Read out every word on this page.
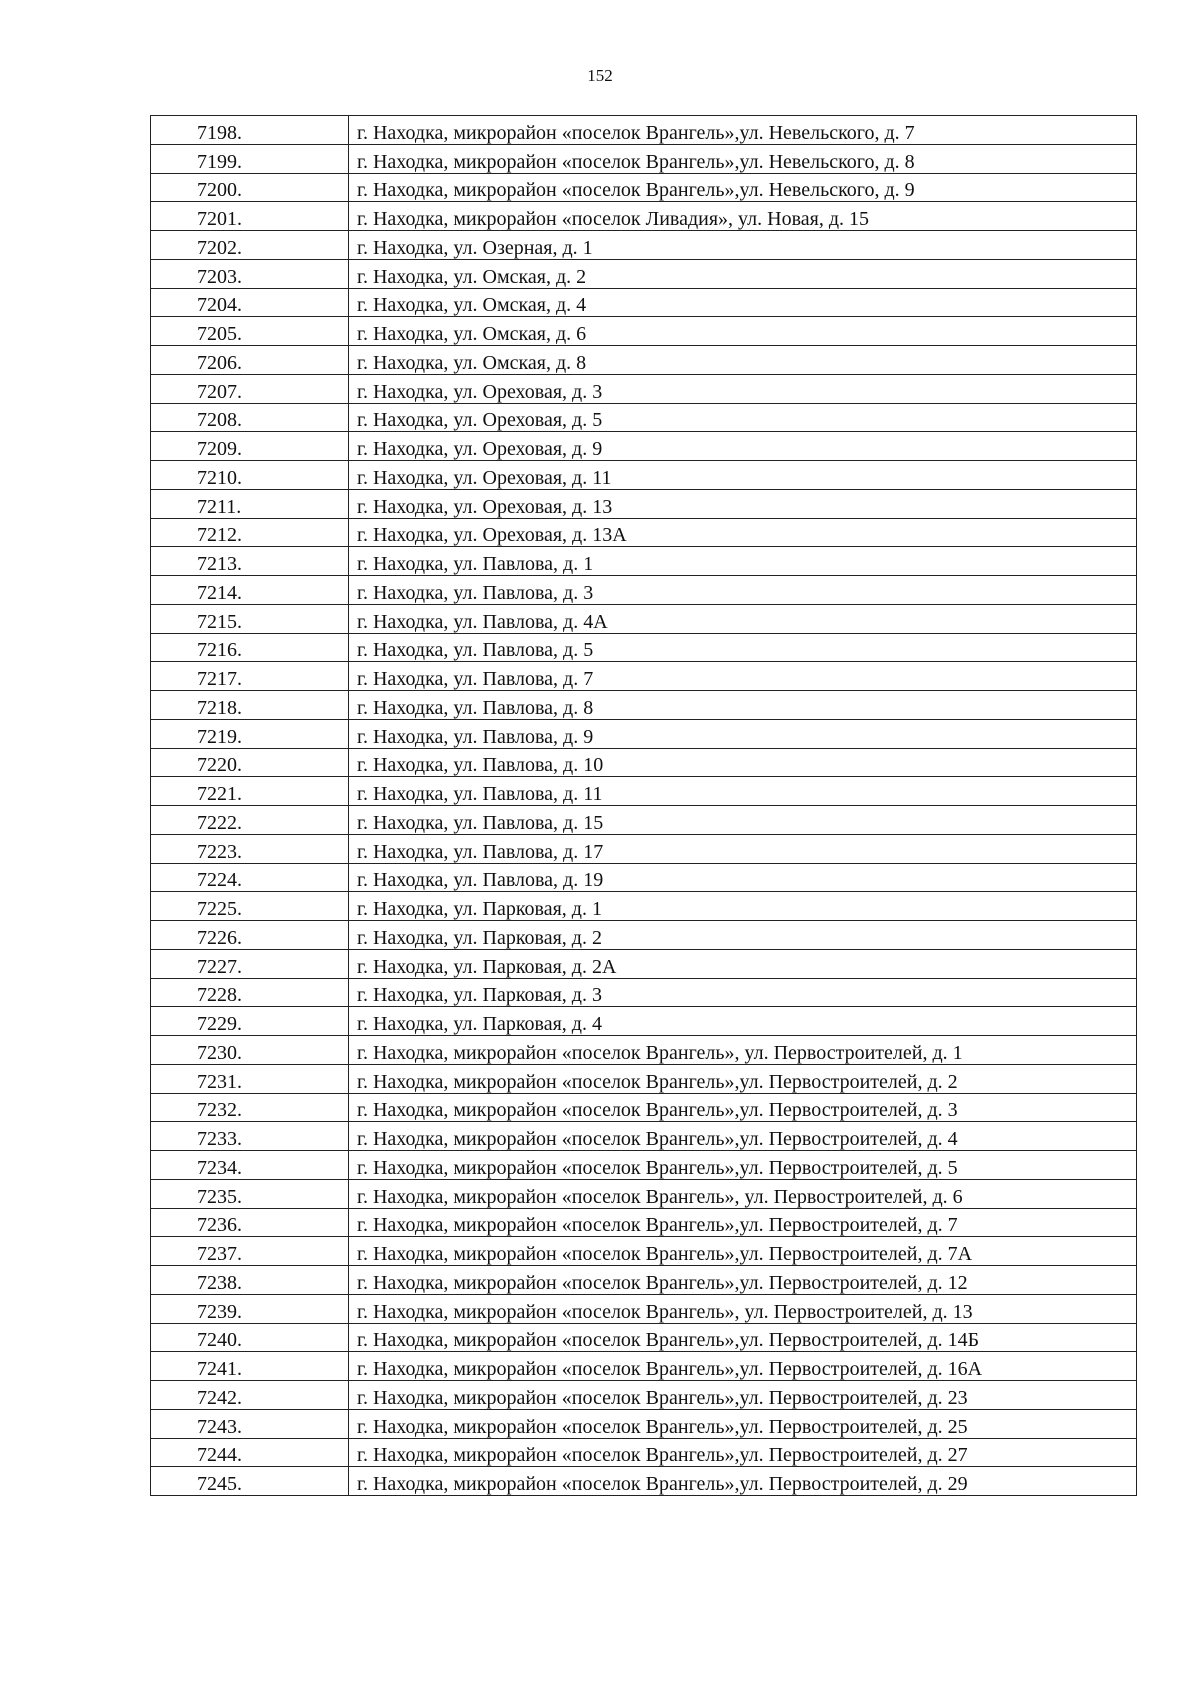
152
7198.	г. Находка, микрорайон «поселок Врангель»,ул. Невельского, д. 7
7199.	г. Находка, микрорайон «поселок Врангель»,ул. Невельского, д. 8
7200.	г. Находка, микрорайон «поселок Врангель»,ул. Невельского, д. 9
7201.	г. Находка, микрорайон «поселок Ливадия», ул. Новая, д. 15
7202.	г. Находка, ул. Озерная, д. 1
7203.	г. Находка, ул. Омская, д. 2
7204.	г. Находка, ул. Омская, д. 4
7205.	г. Находка, ул. Омская, д. 6
7206.	г. Находка, ул. Омская, д. 8
7207.	г. Находка, ул. Ореховая, д. 3
7208.	г. Находка, ул. Ореховая, д. 5
7209.	г. Находка, ул. Ореховая, д. 9
7210.	г. Находка, ул. Ореховая, д. 11
7211.	г. Находка, ул. Ореховая, д. 13
7212.	г. Находка, ул. Ореховая, д. 13А
7213.	г. Находка, ул. Павлова, д. 1
7214.	г. Находка, ул. Павлова, д. 3
7215.	г. Находка, ул. Павлова, д. 4А
7216.	г. Находка, ул. Павлова, д. 5
7217.	г. Находка, ул. Павлова, д. 7
7218.	г. Находка, ул. Павлова, д. 8
7219.	г. Находка, ул. Павлова, д. 9
7220.	г. Находка, ул. Павлова, д. 10
7221.	г. Находка, ул. Павлова, д. 11
7222.	г. Находка, ул. Павлова, д. 15
7223.	г. Находка, ул. Павлова, д. 17
7224.	г. Находка, ул. Павлова, д. 19
7225.	г. Находка, ул. Парковая, д. 1
7226.	г. Находка, ул. Парковая, д. 2
7227.	г. Находка, ул. Парковая, д. 2А
7228.	г. Находка, ул. Парковая, д. 3
7229.	г. Находка, ул. Парковая, д. 4
7230.	г. Находка, микрорайон «поселок Врангель», ул. Первостроителей, д. 1
7231.	г. Находка, микрорайон «поселок Врангель»,ул. Первостроителей, д. 2
7232.	г. Находка, микрорайон «поселок Врангель»,ул. Первостроителей, д. 3
7233.	г. Находка, микрорайон «поселок Врангель»,ул. Первостроителей, д. 4
7234.	г. Находка, микрорайон «поселок Врангель»,ул. Первостроителей, д. 5
7235.	г. Находка, микрорайон «поселок Врангель», ул. Первостроителей, д. 6
7236.	г. Находка, микрорайон «поселок Врангель»,ул. Первостроителей, д. 7
7237.	г. Находка, микрорайон «поселок Врангель»,ул. Первостроителей, д. 7А
7238.	г. Находка, микрорайон «поселок Врангель»,ул. Первостроителей, д. 12
7239.	г. Находка, микрорайон «поселок Врангель», ул. Первостроителей, д. 13
7240.	г. Находка, микрорайон «поселок Врангель»,ул. Первостроителей, д. 14Б
7241.	г. Находка, микрорайон «поселок Врангель»,ул. Первостроителей, д. 16А
7242.	г. Находка, микрорайон «поселок Врангель»,ул. Первостроителей, д. 23
7243.	г. Находка, микрорайон «поселок Врангель»,ул. Первостроителей, д. 25
7244.	г. Находка, микрорайон «поселок Врангель»,ул. Первостроителей, д. 27
7245.	г. Находка, микрорайон «поселок Врангель»,ул. Первостроителей, д. 29
